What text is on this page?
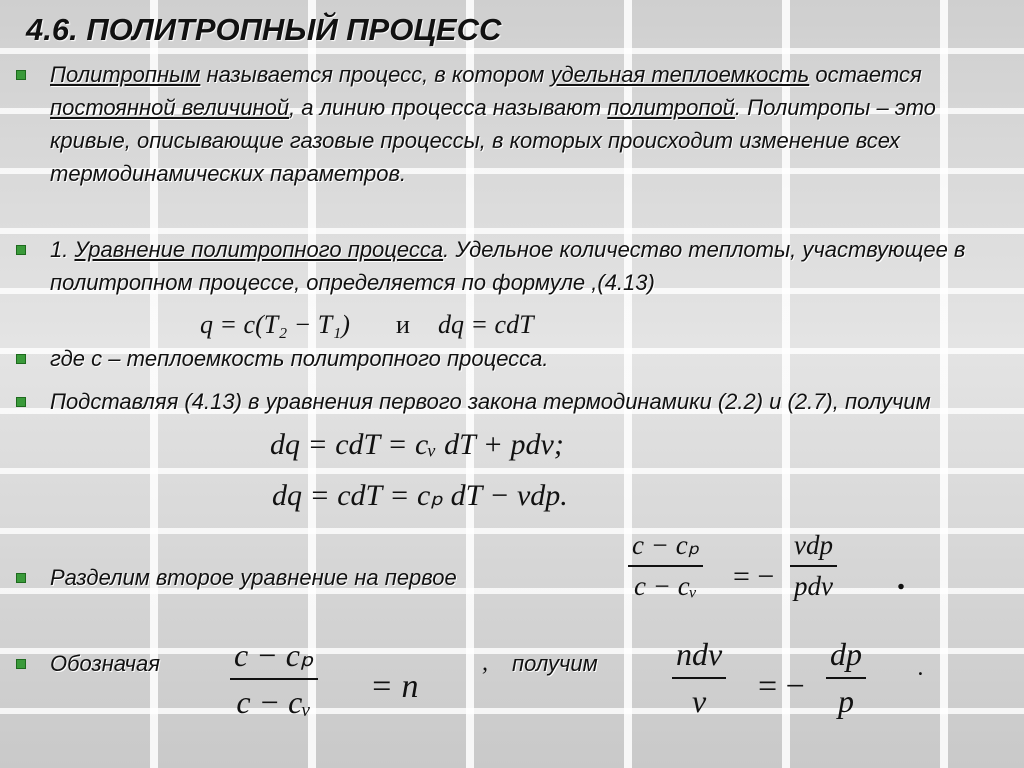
4.6. ПОЛИТРОПНЫЙ ПРОЦЕСС
Политропным называется процесс, в котором удельная теплоемкость остается постоянной величиной, а линию процесса называют политропой. Политропы – это кривые, описывающие газовые процессы, в которых происходит изменение всех термодинамических параметров.
1. Уравнение политропного процесса. Удельное количество теплоты, участвующее в политропном процессе, определяется по формуле ,(4.13)
q = c(T₂ − T₁) и dq = cdT
где c – теплоемкость политропного процесса.
Подставляя (4.13) в уравнения первого закона термодинамики (2.2) и (2.7), получим
dq = cdT = cᵥ dT + pdv;
dq = cdT = cₚ dT − vdp.
Разделим второе уравнение на первое
c − cₚ
c − cᵥ = −
vdp
pdv .
Обозначая	c − cₚ
c − cᵥ = n
, получим	ndv
v	= −
dp
p
.
